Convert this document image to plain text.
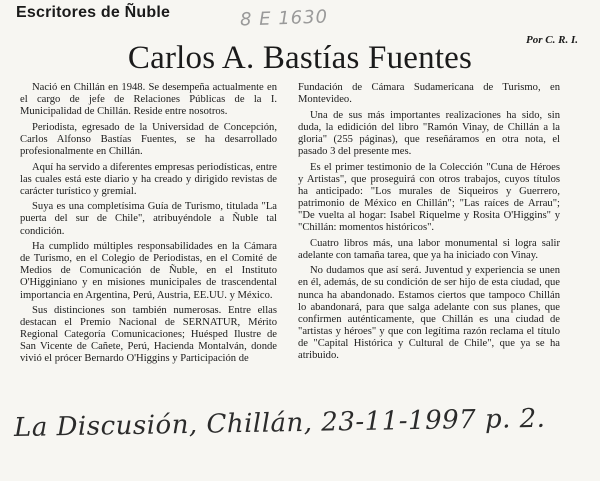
Escritores de Ñuble	8 E 1630
Por C. R. I.
Carlos A. Bastías Fuentes

Nació en Chillán en 1948. Se desempeña actualmente en el cargo de jefe de Relaciones Públicas de la I. Municipalidad de Chillán. Reside entre nosotros.

Periodista, egresado de la Universidad de Concepción, Carlos Alfonso Bastías Fuentes, se ha desarrollado profesionalmente en Chillán.

Aquí ha servido a diferentes empresas periodísticas, entre las cuales está este diario y ha creado y dirigido revistas de carácter turístico y gremial.

Suya es una completísima Guía de Turismo, titulada "La puerta del sur de Chile", atribuyéndole a Ñuble tal condición.

Ha cumplido múltiples responsabilidades en la Cámara de Turismo, en el Colegio de Periodistas, en el Comité de Medios de Comunicación de Ñuble, en el Instituto O'Higginiano y en misiones municipales de trascendental importancia en Argentina, Perú, Austria, EE.UU. y México.

Sus distinciones son también numerosas. Entre ellas destacan el Premio Nacional de SERNATUR, Mérito Regional Categoría Comunicaciones; Huésped Ilustre de San Vicente de Cañete, Perú, Hacienda Montalván, donde vivió el prócer Bernardo O'Higgins y Participación de

Fundación de Cámara Sudamericana de Turismo, en Montevideo.

Una de sus más importantes realizaciones ha sido, sin duda, la edidición del libro "Ramón Vinay, de Chillán a la gloria" (255 páginas), que reseñáramos en otra nota, el pasado 3 del presente mes.

Es el primer testimonio de la Colección "Cuna de Héroes y Artistas", que proseguirá con otros trabajos, cuyos títulos ha anticipado: "Los murales de Siqueiros y Guerrero, patrimonio de México en Chillán"; "Las raíces de Arrau"; "De vuelta al hogar: Isabel Riquelme y Rosita O'Higgins" y "Chillán: momentos históricos".

Cuatro libros más, una labor monumental si logra salir adelante con tamaña tarea, que ya ha iniciado con Vinay.

No dudamos que así será. Juventud y experiencia se unen en él, además, de su condición de ser hijo de esta ciudad, que nunca ha abandonado. Estamos ciertos que tampoco Chillán lo abandonará, para que salga adelante con sus planes, que confirmen auténticamente, que Chillán es una ciudad de "artistas y héroes" y que con legítima razón reclama el título de "Capital Histórica y Cultural de Chile", que ya se ha atribuido.

La Discusión, Chillán, 23-11-1997 p. 2.
